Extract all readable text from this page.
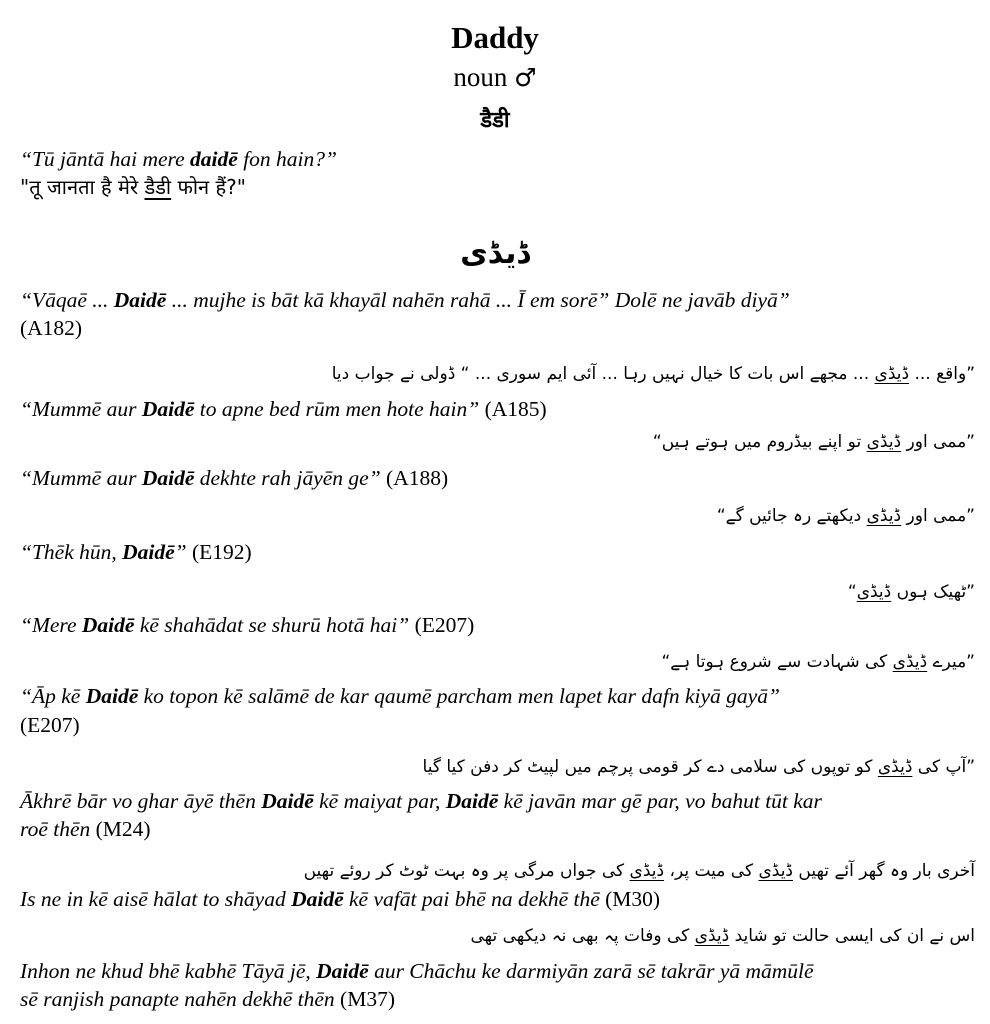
Daddy
noun ♂
डैडी
“Tū jāntā hai mere daidē fon hain?”
"तू जानता है मेरे डैडी फोन हैं?"
ڈیڈی
“Vāqaē ... Daidē ... mujhe is bāt kā khayāl nahēn rahā ... Ī em sorē” Dolē ne javāb diyā”
(A182)
”واقع ... ڈیڈی ... مجھے اس بات کا خیال نہیں رہا ... آئی ایم سوری ... “ ڈولی نے جواب دیا
“Mummē aur Daidē to apne bed rūm men hote hain” (A185)
”ممی اور ڈیڈی تو اپنے بیڈروم میں ہوتے ہیں“
“Mummē aur Daidē dekhte rah jāyēn ge” (A188)
”ممی اور ڈیڈی دیکھتے رہ جائیں گے“
“Thēk hūn, Daidē” (E192)
”ٹھیک ہوں ڈیڈی“
“Mere Daidē kē shahādat se shurū hotā hai” (E207)
”میرے ڈیڈی کی شہادت سے شروع ہوتا ہے“
“Āp kē Daidē ko topon kē salāmē de kar qaumē parcham men lapet kar dafn kiyā gayā”
(E207)
”آپ کی ڈیڈی کو توپوں کی سلامی دے کر قومی پرچم میں لپیٹ کر دفن کیا گیا
Ākhrē bār vo ghar āyē thēn Daidē kē maiyat par, Daidē kē javān mar gē par, vo bahut tūt kar
roē thēn (M24)
آخری بار وہ گھر آئے تھیں ڈیڈی کی میت پر، ڈیڈی کی جواں مرگی پر وہ بہت ٹوٹ کر روئے تھیں
Is ne in kē aisē hālat to shāyad Daidē kē vafāt pai bhē na dekhē thē (M30)
اس نے ان کی ایسی حالت تو شاید ڈیڈی کی وفات پہ بھی نہ دیکھی تھی
Inhon ne khud bhē kabhē Tāyā jē, Daidē aur Chāchu ke darmiyān zarā sē takrār yā māmūlē
sē ranjish panapte nahēn dekhē thēn (M37)
